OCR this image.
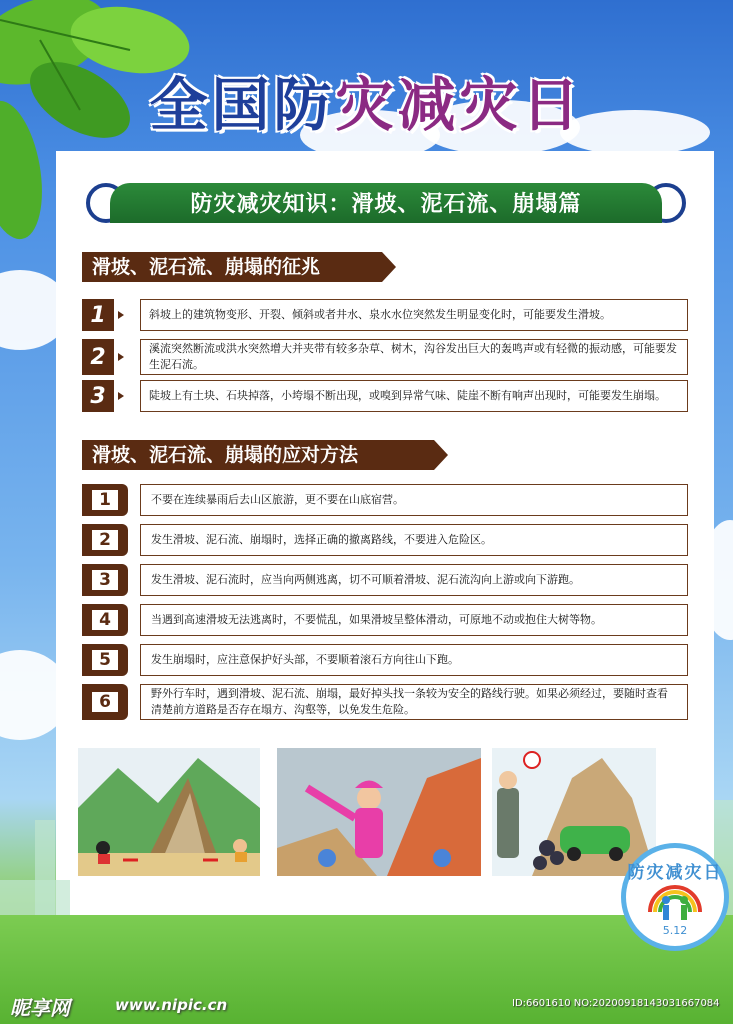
全国防灾减灾日
防灾减灾知识：滑坡、泥石流、崩塌篇
滑坡、泥石流、崩塌的征兆
1	斜坡上的建筑物变形、开裂、倾斜或者井水、泉水水位突然发生明显变化时，可能要发生滑坡。
2	溪流突然断流或洪水突然增大并夹带有较多杂草、树木，沟谷发出巨大的轰鸣声或有轻微的振动感，可能要发生泥石流。
3	陡坡上有土块、石块掉落，小垮塌不断出现，或嗅到异常气味、陡崖不断有响声出现时，可能要发生崩塌。
滑坡、泥石流、崩塌的应对方法
1	不要在连续暴雨后去山区旅游，更不要在山底宿营。
2	发生滑坡、泥石流、崩塌时，选择正确的撤离路线，不要进入危险区。
3	发生滑坡、泥石流时，应当向两侧逃离，切不可顺着滑坡、泥石流沟向上游或向下游跑。
4	当遇到高速滑坡无法逃离时，不要慌乱，如果滑坡呈整体滑动，可原地不动或抱住大树等物。
5	发生崩塌时，应注意保护好头部，不要顺着滚石方向往山下跑。
6	野外行车时，遇到滑坡、泥石流、崩塌，最好掉头找一条较为安全的路线行驶。如果必须经过，要随时查看清楚前方道路是否存在塌方、沟壑等，以免发生危险。
防灾减灾日
5.12
昵享网	www.nipic.cn	ID:6601610 NO:20200918143031667084
